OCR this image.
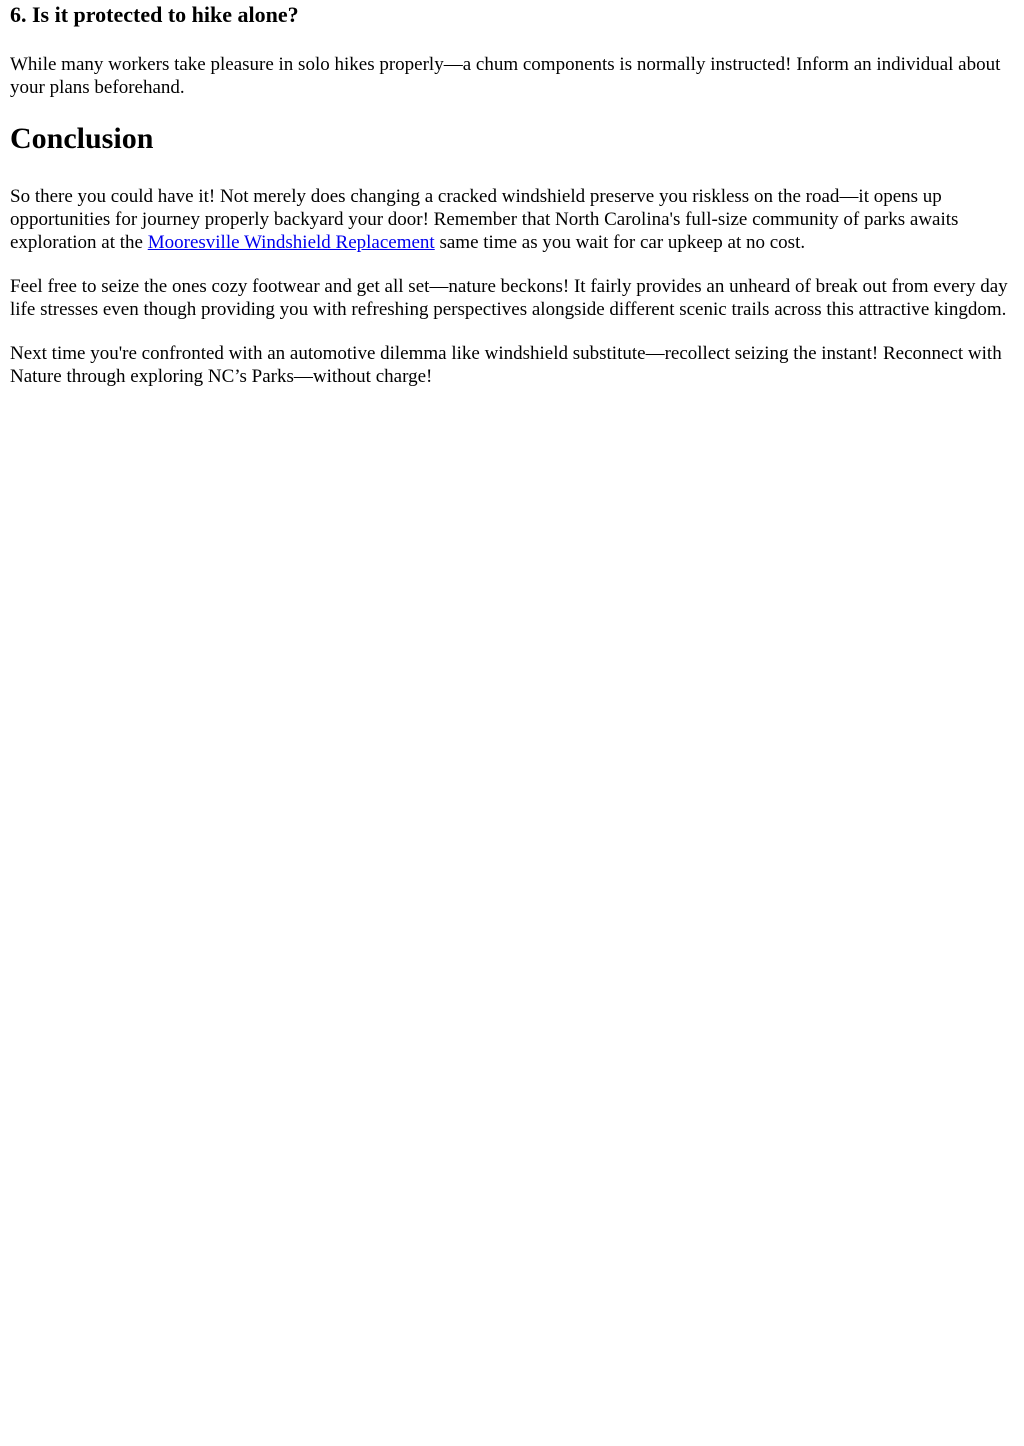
6. Is it protected to hike alone?

While many workers take pleasure in solo hikes properly—a chum components is normally instructed! Inform an individual about your plans beforehand.

Conclusion

So there you could have it! Not merely does changing a cracked windshield preserve you riskless on the road—it opens up opportunities for journey properly backyard your door! Remember that North Carolina's full-size community of parks awaits exploration at the Mooresville Windshield Replacement same time as you wait for car upkeep at no cost.

Feel free to seize the ones cozy footwear and get all set—nature beckons! It fairly provides an unheard of break out from every day life stresses even though providing you with refreshing perspectives alongside different scenic trails across this attractive kingdom.

Next time you're confronted with an automotive dilemma like windshield substitute—recollect seizing the instant! Reconnect with Nature through exploring NC’s Parks—without charge!
